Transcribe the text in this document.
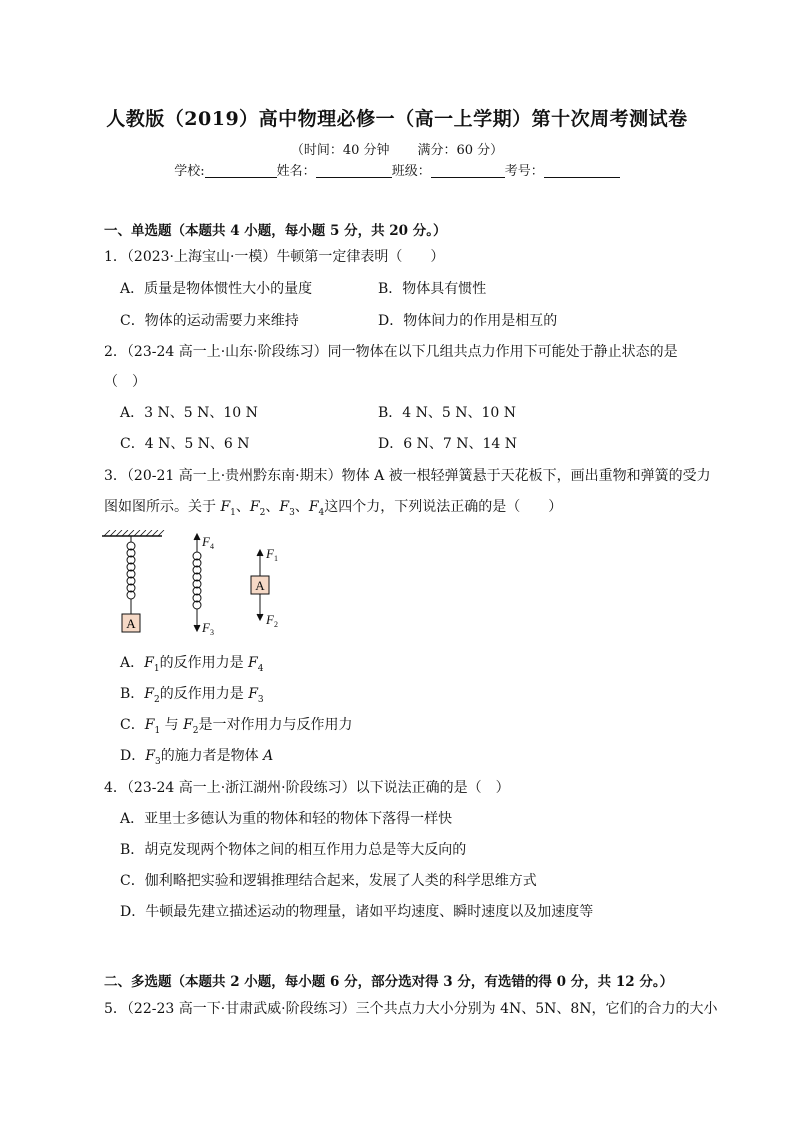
人教版（2019）高中物理必修一（高一上学期）第十次周考测试卷
（时间：40 分钟 满分：60 分）
学校:	姓名：	班级：	考号：
一、单选题（本题共 4 小题，每小题 5 分，共 20 分。）
1．（2023·上海宝山·一模）牛顿第一定律表明（　　）
A．质量是物体惯性大小的量度	B．物体具有惯性
C．物体的运动需要力来维持	D．物体间力的作用是相互的
2．（23-24 高一上·山东·阶段练习）同一物体在以下几组共点力作用下可能处于静止状态的是
（　）
A．3 N、5 N、10 N	B．4 N、5 N、10 N
C．4 N、5 N、6 N	D．6 N、7 N、14 N
3．（20-21 高一上·贵州黔东南·期末）物体 A 被一根轻弹簧悬于天花板下，画出重物和弹簧的受力
图如图所示。关于 $F_1$、$F_2$、$F_3$、$F_4$这四个力，下列说法正确的是（　　）
A
F 4
F 3
A
F 1
F 2
A．$F_1$的反作用力是 $F_4$
B．$F_2$的反作用力是 $F_3$
C．$F_1$ 与 $F_2$是一对作用力与反作用力
D．$F_3$的施力者是物体 A
4．（23-24 高一上·浙江湖州·阶段练习）以下说法正确的是（　）
A．亚里士多德认为重的物体和轻的物体下落得一样快
B．胡克发现两个物体之间的相互作用力总是等大反向的
C．伽利略把实验和逻辑推理结合起来，发展了人类的科学思维方式
D．牛顿最先建立描述运动的物理量，诸如平均速度、瞬时速度以及加速度等
二、多选题（本题共 2 小题，每小题 6 分，部分选对得 3 分，有选错的得 0 分，共 12 分。）
5．（22-23 高一下·甘肃武威·阶段练习）三个共点力大小分别为 4N、5N、8N，它们的合力的大小
